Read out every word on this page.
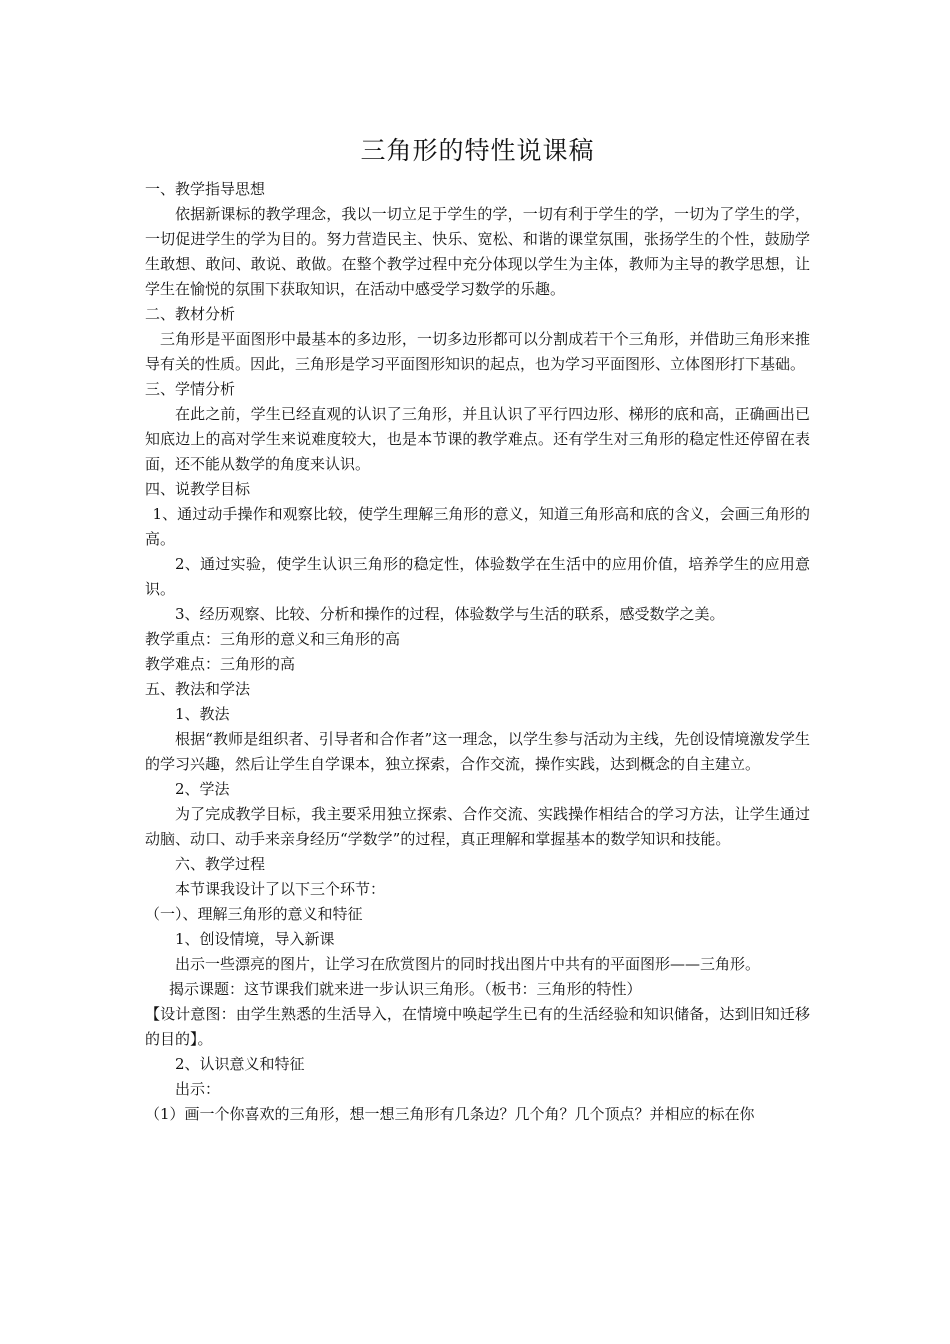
三角形的特性说课稿

一、教学指导思想

依据新课标的教学理念，我以一切立足于学生的学，一切有利于学生的学，一切为了学生的学，一切促进学生的学为目的。努力营造民主、快乐、宽松、和谐的课堂氛围，张扬学生的个性，鼓励学生敢想、敢问、敢说、敢做。在整个教学过程中充分体现以学生为主体，教师为主导的教学思想，让学生在愉悦的氛围下获取知识，在活动中感受学习数学的乐趣。

二、教材分析

三角形是平面图形中最基本的多边形，一切多边形都可以分割成若干个三角形，并借助三角形来推导有关的性质。因此，三角形是学习平面图形知识的起点，也为学习平面图形、立体图形打下基础。

三、学情分析

在此之前，学生已经直观的认识了三角形，并且认识了平行四边形、梯形的底和高，正确画出已知底边上的高对学生来说难度较大，也是本节课的教学难点。还有学生对三角形的稳定性还停留在表面，还不能从数学的角度来认识。

四、说教学目标

1、通过动手操作和观察比较，使学生理解三角形的意义，知道三角形高和底的含义，会画三角形的高。

2、通过实验，使学生认识三角形的稳定性，体验数学在生活中的应用价值，培养学生的应用意识。

3、经历观察、比较、分析和操作的过程，体验数学与生活的联系，感受数学之美。

教学重点：三角形的意义和三角形的高

教学难点：三角形的高

五、教法和学法

1、教法

根据“教师是组织者、引导者和合作者”这一理念，以学生参与活动为主线，先创设情境激发学生的学习兴趣，然后让学生自学课本，独立探索，合作交流，操作实践，达到概念的自主建立。

2、学法

为了完成教学目标，我主要采用独立探索、合作交流、实践操作相结合的学习方法，让学生通过动脑、动口、动手来亲身经历“学数学”的过程，真正理解和掌握基本的数学知识和技能。

六、教学过程

本节课我设计了以下三个环节：

（一）、理解三角形的意义和特征

1、创设情境，导入新课

出示一些漂亮的图片，让学习在欣赏图片的同时找出图片中共有的平面图形——三角形。

揭示课题：这节课我们就来进一步认识三角形。（板书：三角形的特性）

【设计意图：由学生熟悉的生活导入，在情境中唤起学生已有的生活经验和知识储备，达到旧知迁移的目的】。

2、认识意义和特征

出示：

（1）画一个你喜欢的三角形，想一想三角形有几条边？几个角？几个顶点？并相应的标在你
